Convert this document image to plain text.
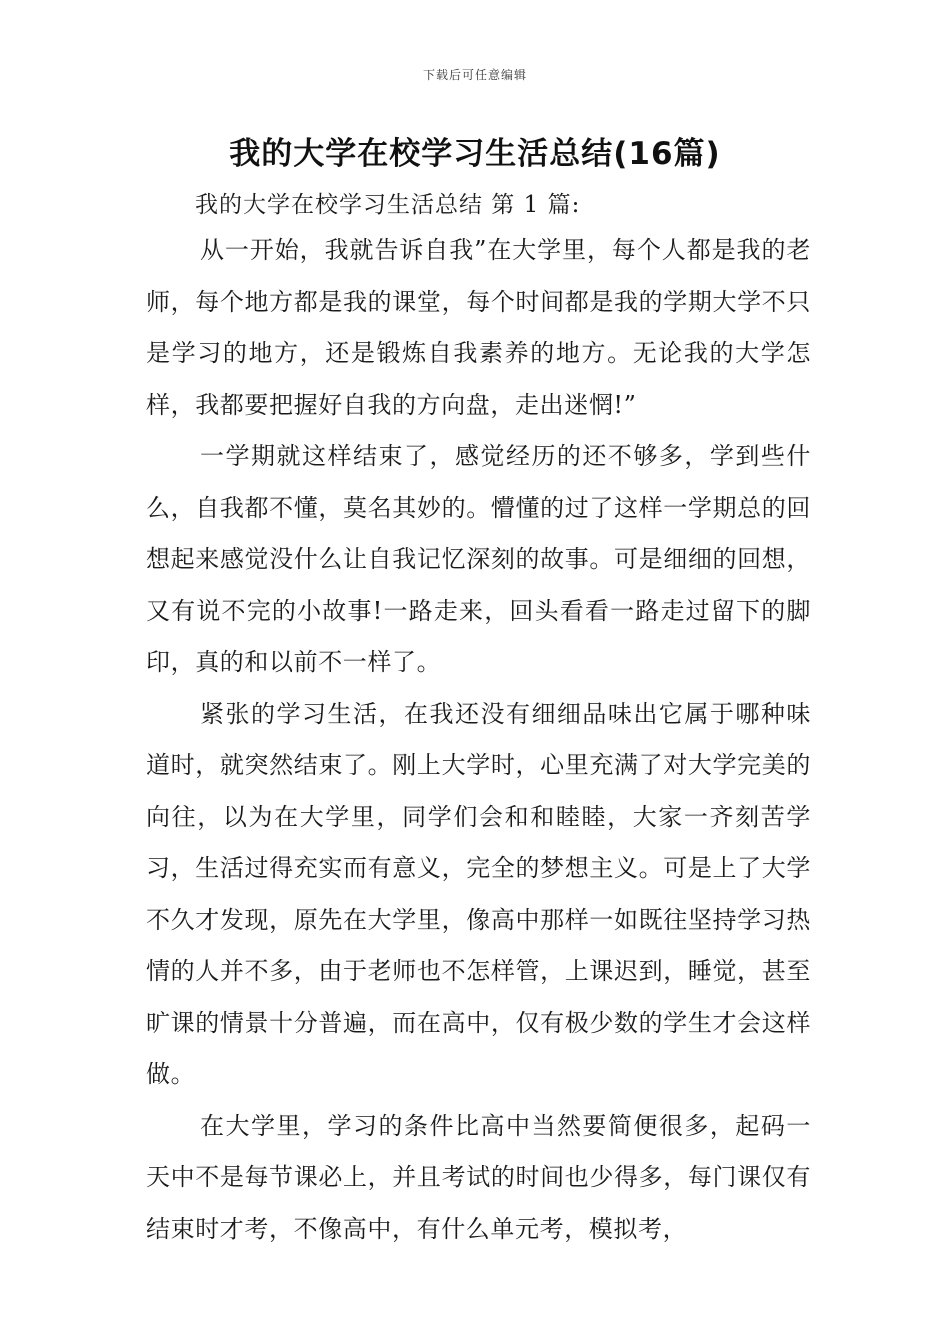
下载后可任意编辑
我的大学在校学习生活总结(16篇)
我的大学在校学习生活总结 第 1 篇:

从一开始，我就告诉自我”在大学里，每个人都是我的老师，每个地方都是我的课堂，每个时间都是我的学期大学不只是学习的地方，还是锻炼自我素养的地方。无论我的大学怎样，我都要把握好自我的方向盘，走出迷惘!”

一学期就这样结束了，感觉经历的还不够多，学到些什么，自我都不懂，莫名其妙的。懵懂的过了这样一学期总的回想起来感觉没什么让自我记忆深刻的故事。可是细细的回想，又有说不完的小故事!一路走来，回头看看一路走过留下的脚印，真的和以前不一样了。

紧张的学习生活，在我还没有细细品味出它属于哪种味道时，就突然结束了。刚上大学时，心里充满了对大学完美的向往，以为在大学里，同学们会和和睦睦，大家一齐刻苦学习，生活过得充实而有意义，完全的梦想主义。可是上了大学不久才发现，原先在大学里，像高中那样一如既往坚持学习热情的人并不多，由于老师也不怎样管，上课迟到，睡觉，甚至旷课的情景十分普遍，而在高中，仅有极少数的学生才会这样做。

在大学里，学习的条件比高中当然要简便很多，起码一天中不是每节课必上，并且考试的时间也少得多，每门课仅有结束时才考，不像高中，有什么单元考，模拟考，
